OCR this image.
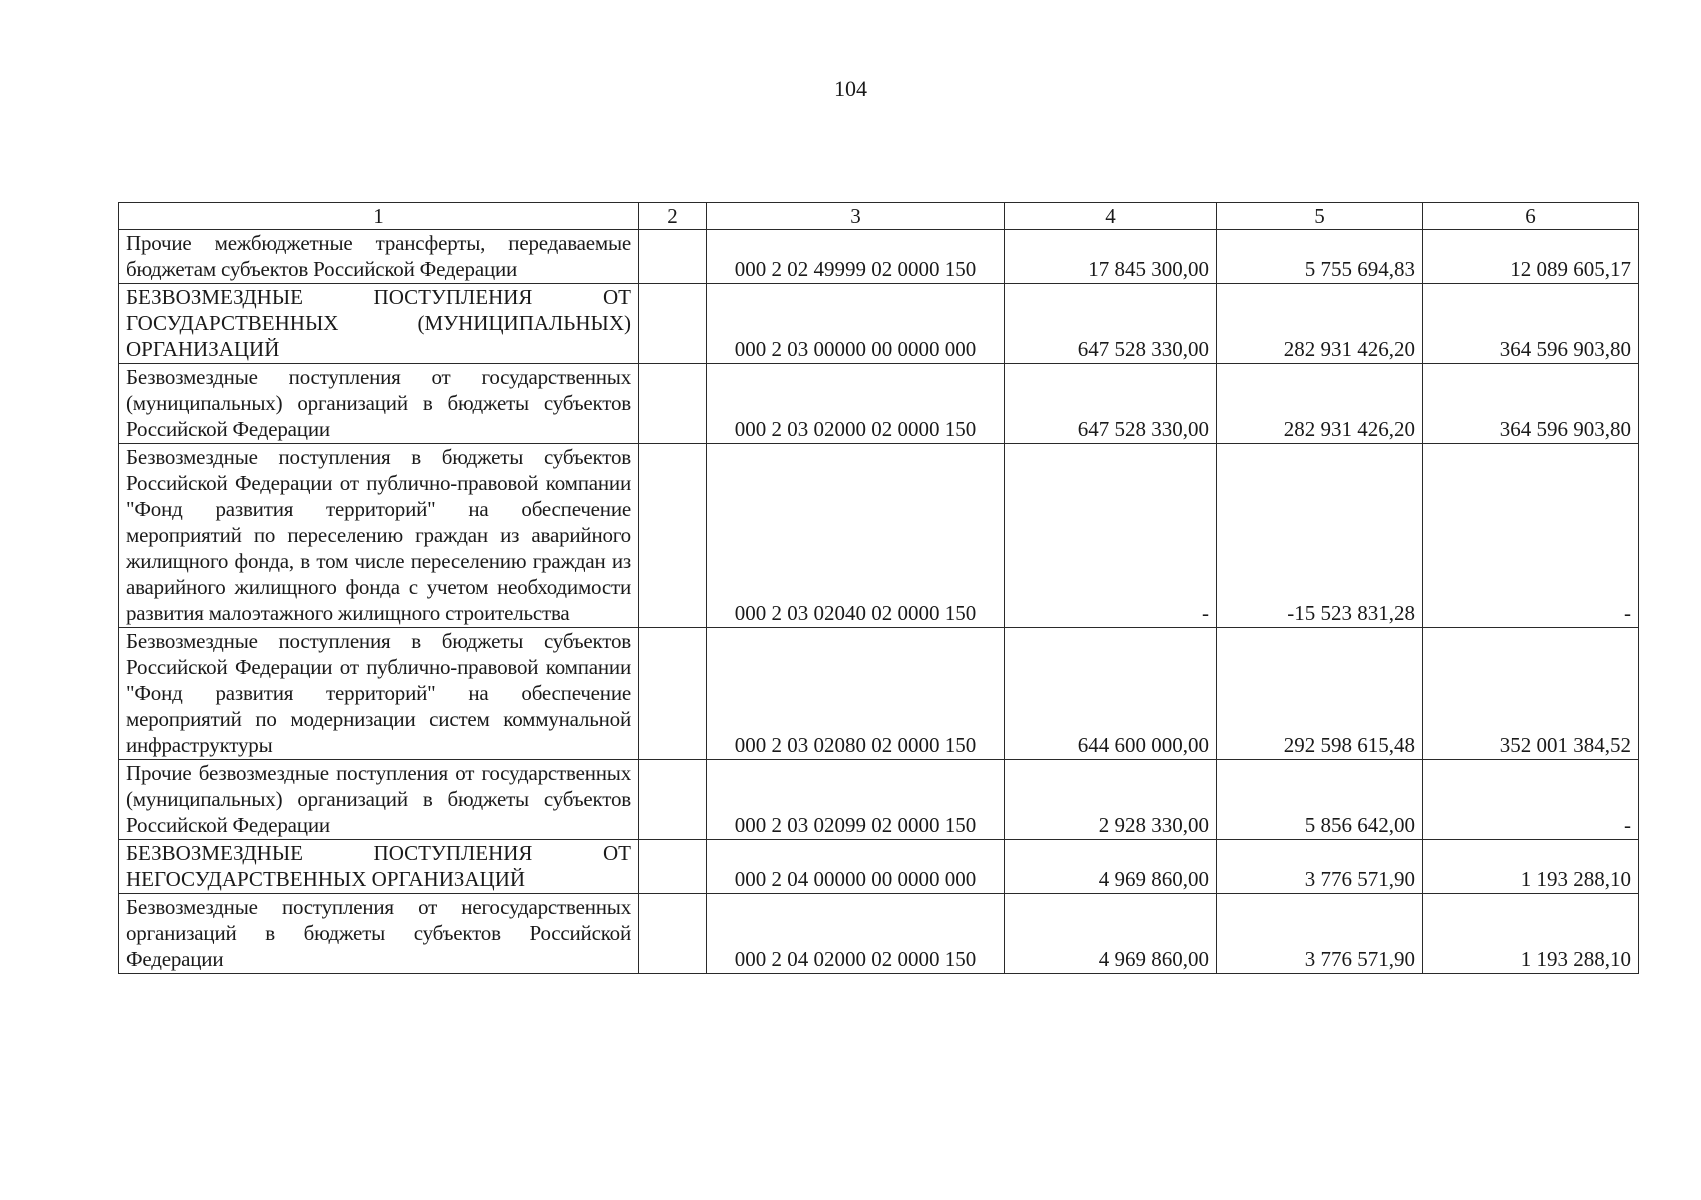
104
1	2	3	4	5	6
Прочие межбюджетные трансферты, передаваемые бюджетам субъектов Российской Федерации		000 2 02 49999 02 0000 150	17 845 300,00	5 755 694,83	12 089 605,17
БЕЗВОЗМЕЗДНЫЕ ПОСТУПЛЕНИЯ ОТ ГОСУДАРСТВЕННЫХ (МУНИЦИПАЛЬНЫХ) ОРГАНИЗАЦИЙ		000 2 03 00000 00 0000 000	647 528 330,00	282 931 426,20	364 596 903,80
Безвозмездные поступления от государственных (муниципальных) организаций в бюджеты субъектов Российской Федерации		000 2 03 02000 02 0000 150	647 528 330,00	282 931 426,20	364 596 903,80
Безвозмездные поступления в бюджеты субъектов Российской Федерации от публично-правовой компании "Фонд развития территорий" на обеспечение мероприятий по переселению граждан из аварийного жилищного фонда, в том числе переселению граждан из аварийного жилищного фонда с учетом необходимости развития малоэтажного жилищного строительства		000 2 03 02040 02 0000 150	-	-15 523 831,28	-
Безвозмездные поступления в бюджеты субъектов Российской Федерации от публично-правовой компании "Фонд развития территорий" на обеспечение мероприятий по модернизации систем коммунальной инфраструктуры		000 2 03 02080 02 0000 150	644 600 000,00	292 598 615,48	352 001 384,52
Прочие безвозмездные поступления от государственных (муниципальных) организаций в бюджеты субъектов Российской Федерации		000 2 03 02099 02 0000 150	2 928 330,00	5 856 642,00	-
БЕЗВОЗМЕЗДНЫЕ ПОСТУПЛЕНИЯ ОТ НЕГОСУДАРСТВЕННЫХ ОРГАНИЗАЦИЙ		000 2 04 00000 00 0000 000	4 969 860,00	3 776 571,90	1 193 288,10
Безвозмездные поступления от негосударственных организаций в бюджеты субъектов Российской Федерации		000 2 04 02000 02 0000 150	4 969 860,00	3 776 571,90	1 193 288,10
